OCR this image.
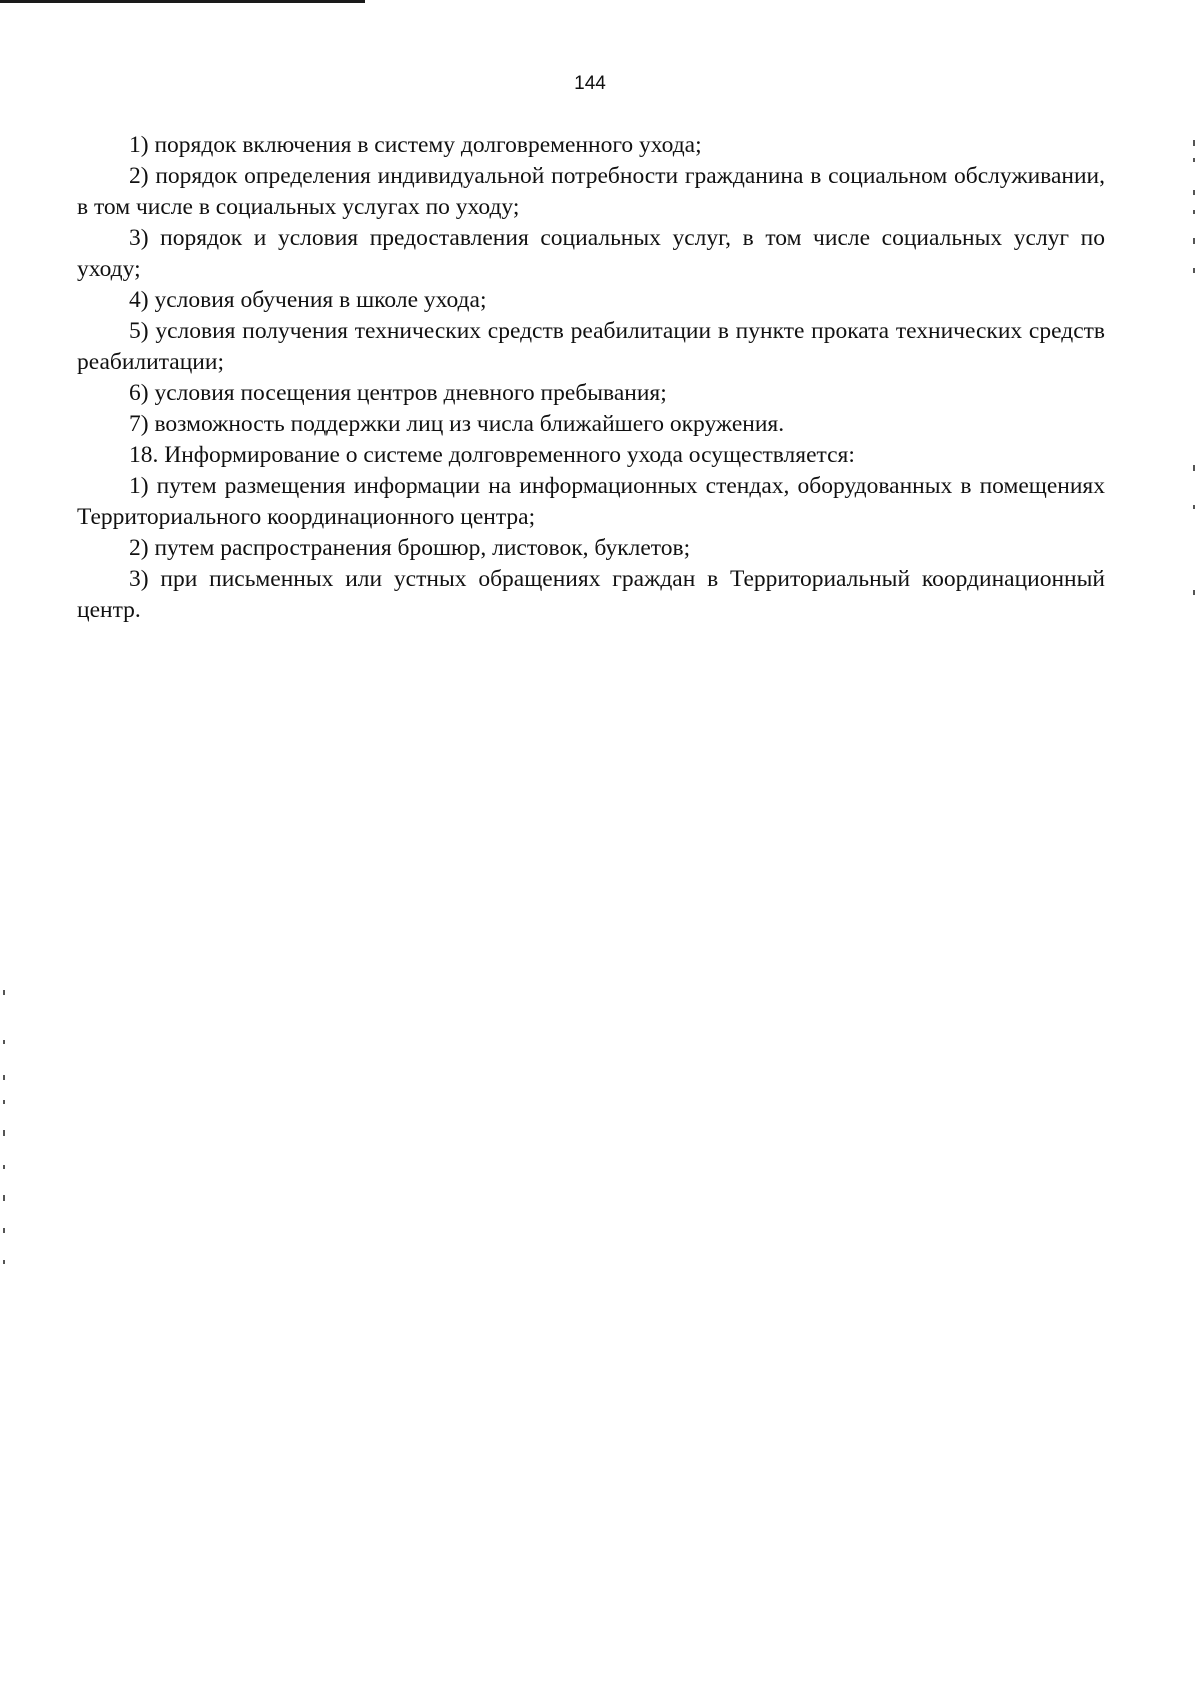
144

1) порядок включения в систему долговременного ухода;

2) порядок определения индивидуальной потребности гражданина в социальном обслуживании, в том числе в социальных услугах по уходу;

3) порядок и условия предоставления социальных услуг, в том числе социальных услуг по уходу;

4) условия обучения в школе ухода;

5) условия получения технических средств реабилитации в пункте проката технических средств реабилитации;

6) условия посещения центров дневного пребывания;

7) возможность поддержки лиц из числа ближайшего окружения.

18. Информирование о системе долговременного ухода осуществляется:

1) путем размещения информации на информационных стендах, оборудованных в помещениях Территориального координационного центра;

2) путем распространения брошюр, листовок, буклетов;

3) при письменных или устных обращениях граждан в Территориальный координационный центр.
